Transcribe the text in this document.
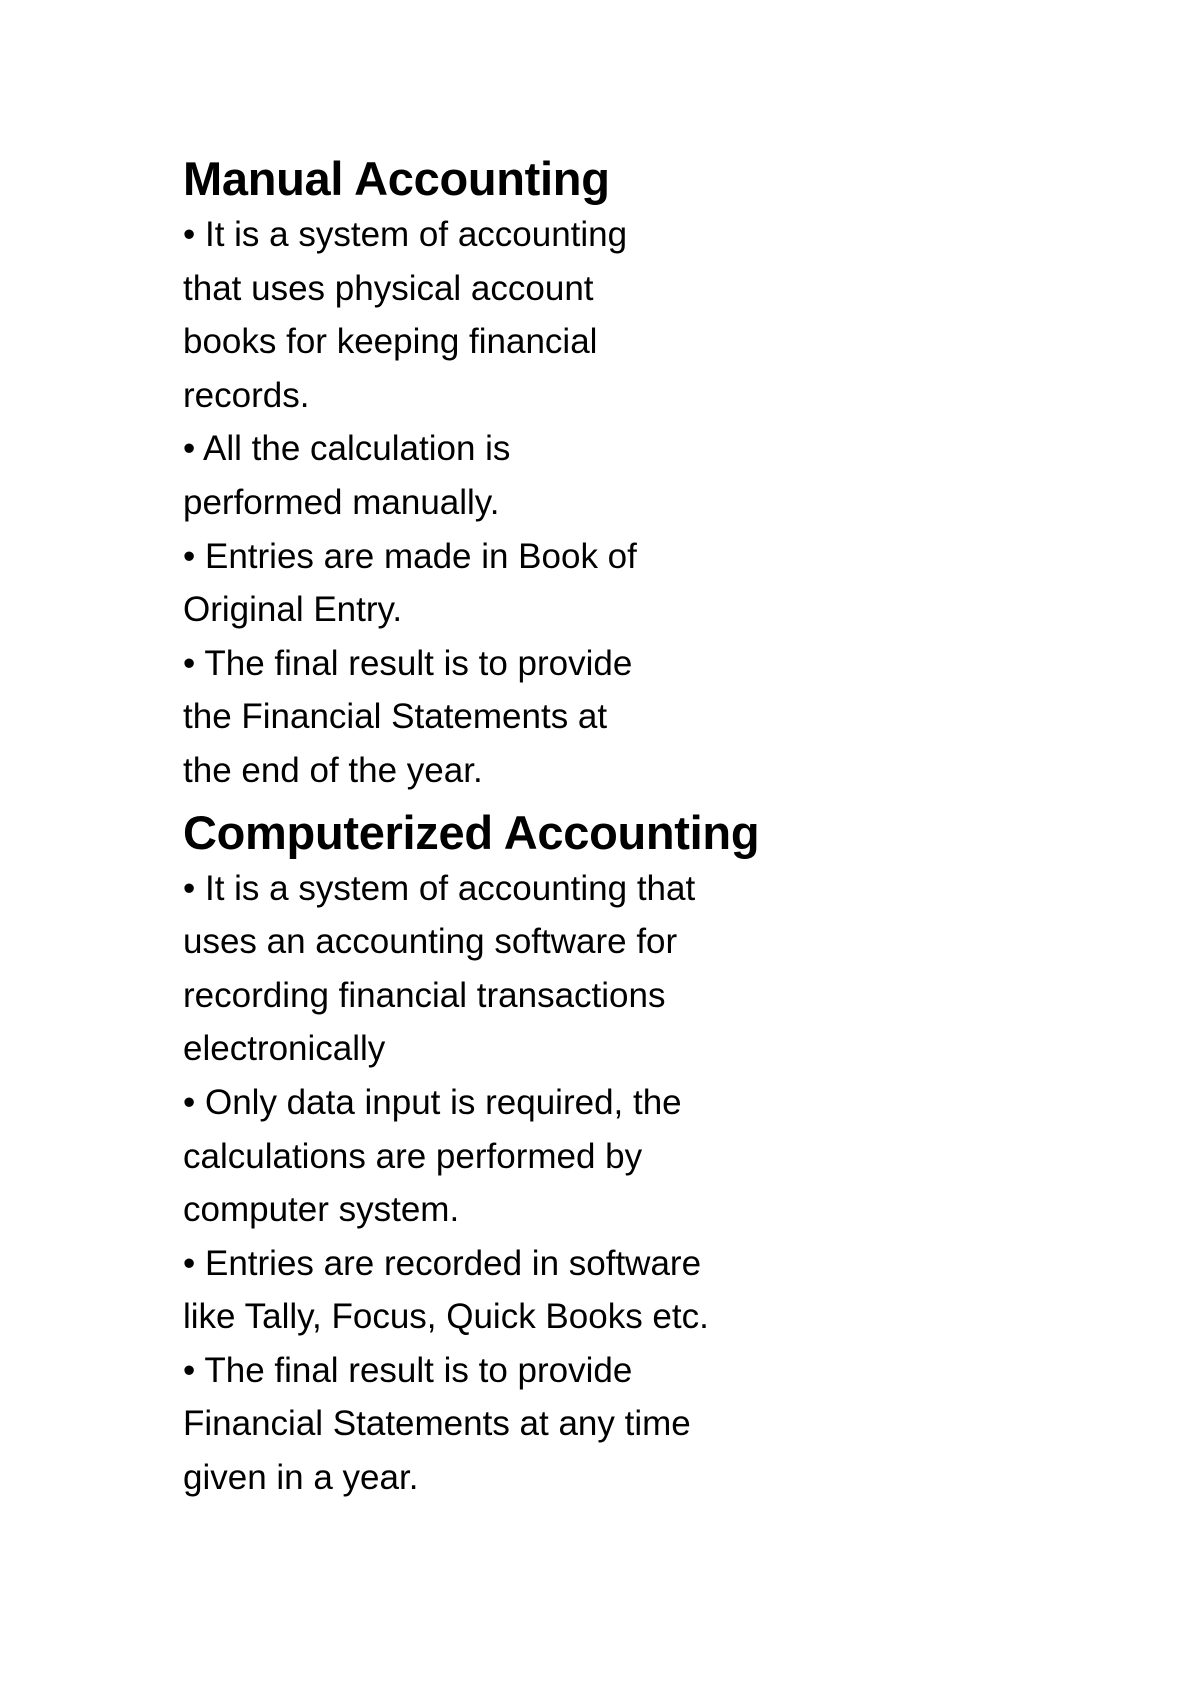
Manual Accounting
• It is a system of accounting
that uses physical account
books for keeping financial
records.
• All the calculation is
performed manually.
• Entries are made in Book of
Original Entry.
• The final result is to provide
the Financial Statements at
the end of the year.
Computerized Accounting
• It is a system of accounting that
uses an accounting software for
recording financial transactions
electronically
• Only data input is required, the
calculations are performed by
computer system.
• Entries are recorded in software
like Tally, Focus, Quick Books etc.
• The final result is to provide
Financial Statements at any time
given in a year.
